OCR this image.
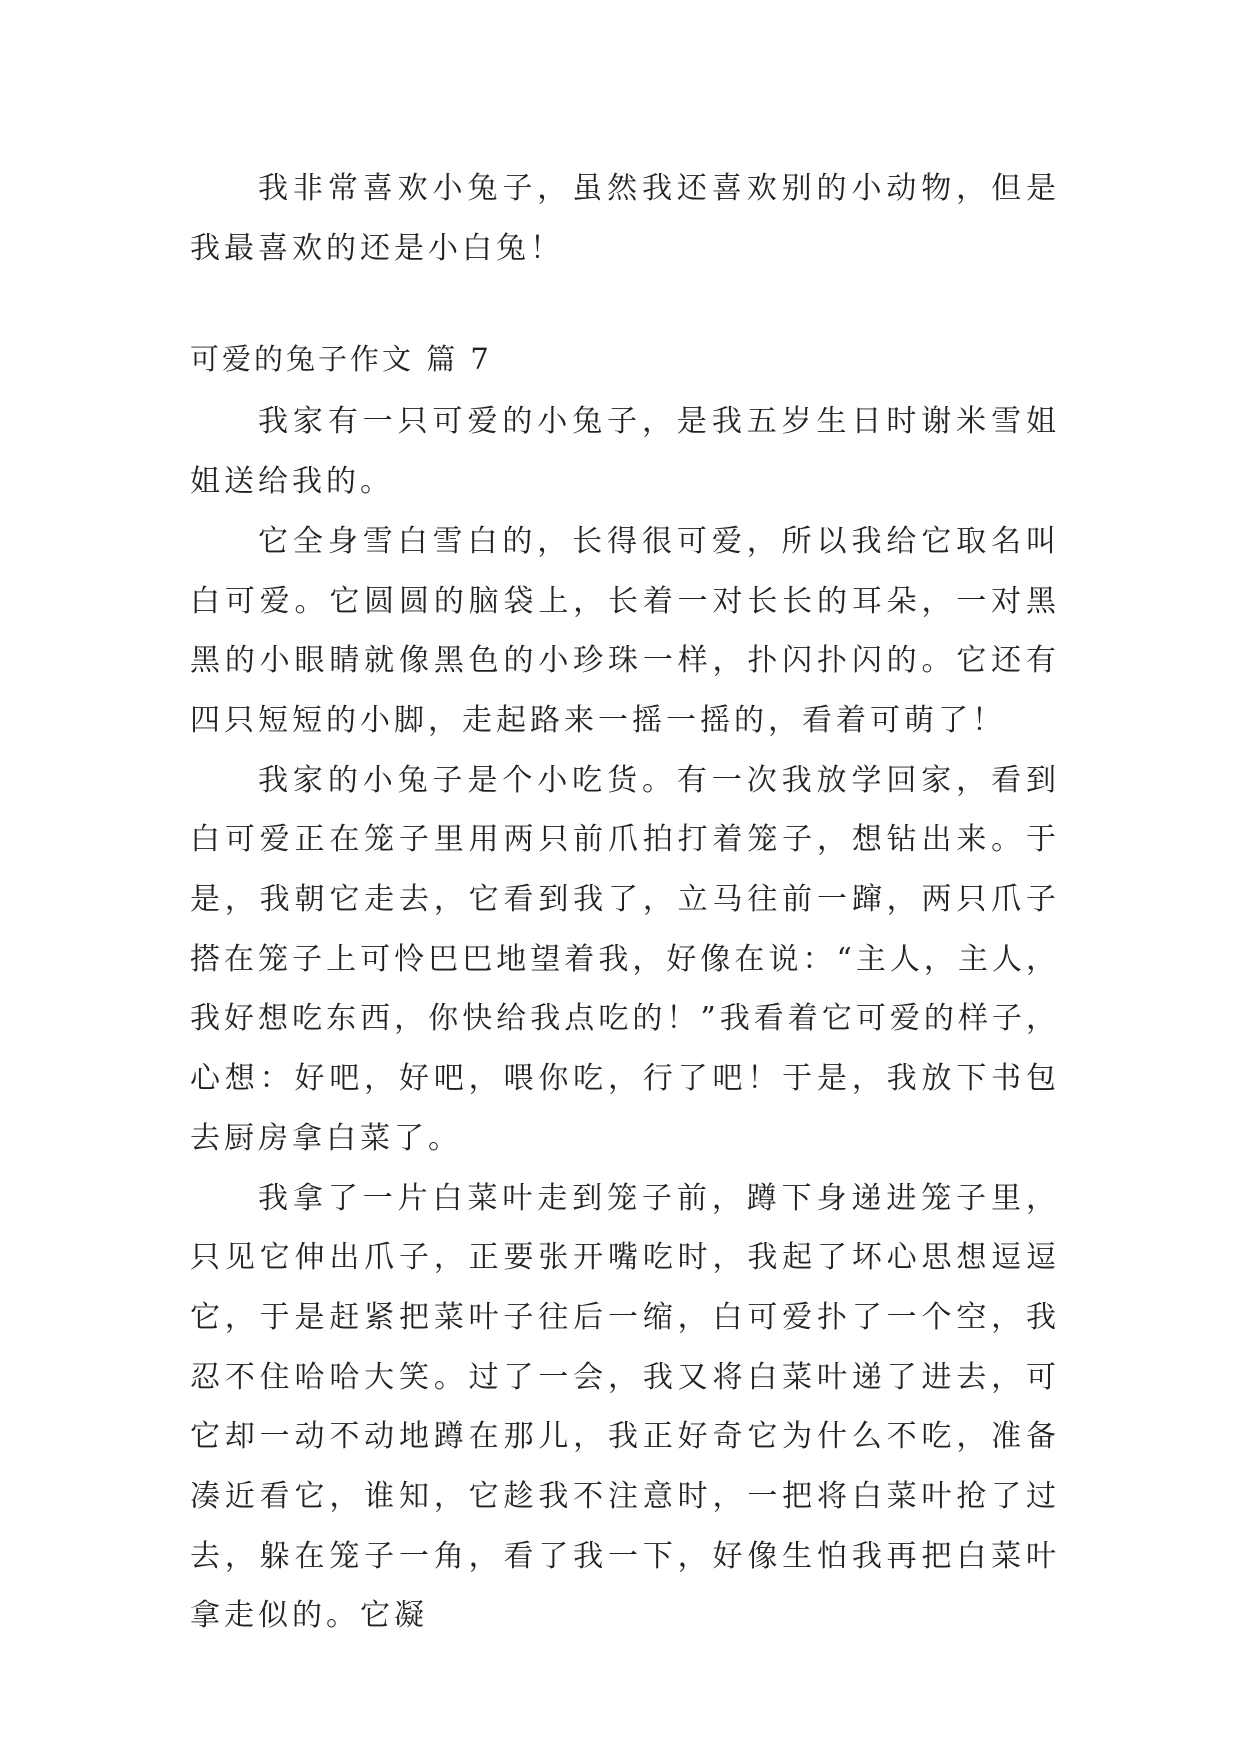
我非常喜欢小兔子，虽然我还喜欢别的小动物，但是我最喜欢的还是小白兔！

可爱的兔子作文 篇 7

我家有一只可爱的小兔子，是我五岁生日时谢米雪姐姐送给我的。

它全身雪白雪白的，长得很可爱，所以我给它取名叫白可爱。它圆圆的脑袋上，长着一对长长的耳朵，一对黑黑的小眼睛就像黑色的小珍珠一样，扑闪扑闪的。它还有四只短短的小脚，走起路来一摇一摇的，看着可萌了！

我家的小兔子是个小吃货。有一次我放学回家，看到白可爱正在笼子里用两只前爪拍打着笼子，想钻出来。于是，我朝它走去，它看到我了，立马往前一蹿，两只爪子搭在笼子上可怜巴巴地望着我，好像在说：“主人，主人，我好想吃东西，你快给我点吃的！”我看着它可爱的样子，心想：好吧，好吧，喂你吃，行了吧！于是，我放下书包去厨房拿白菜了。

我拿了一片白菜叶走到笼子前，蹲下身递进笼子里，只见它伸出爪子，正要张开嘴吃时，我起了坏心思想逗逗它，于是赶紧把菜叶子往后一缩，白可爱扑了一个空，我忍不住哈哈大笑。过了一会，我又将白菜叶递了进去，可它却一动不动地蹲在那儿，我正好奇它为什么不吃，准备凑近看它，谁知，它趁我不注意时，一把将白菜叶抢了过去，躲在笼子一角，看了我一下，好像生怕我再把白菜叶拿走似的。它凝
